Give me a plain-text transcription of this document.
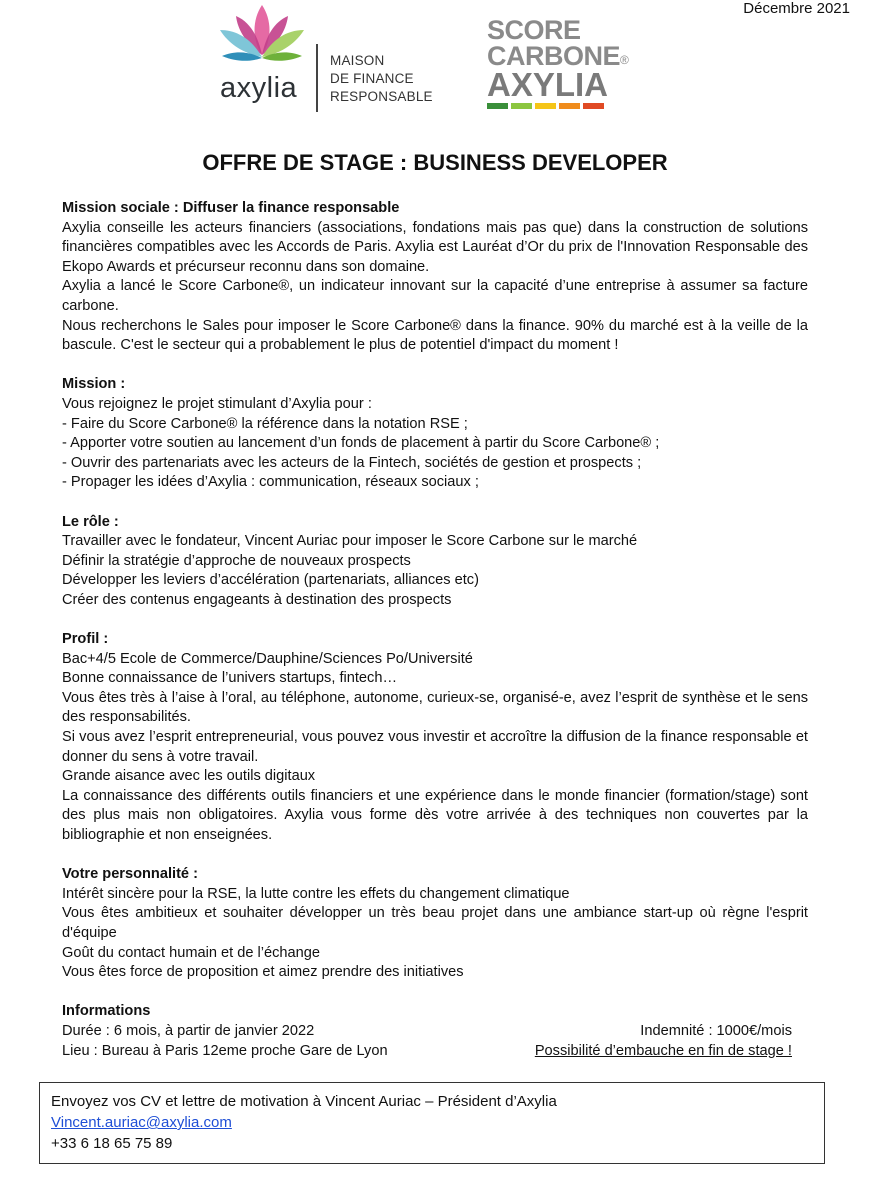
Décembre 2021
axylia
MAISON
DE FINANCE
RESPONSABLE
SCORE
CARBONE®
AXYLIA
OFFRE DE STAGE : BUSINESS DEVELOPER
Mission sociale : Diffuser la finance responsable

Axylia conseille les acteurs financiers (associations, fondations mais pas que) dans la construction de solutions financières compatibles avec les Accords de Paris. Axylia est Lauréat d’Or du prix de l'Innovation Responsable des Ekopo Awards et précurseur reconnu dans son domaine.

Axylia a lancé le Score Carbone®, un indicateur innovant sur la capacité d’une entreprise à assumer sa facture carbone.

Nous recherchons le Sales pour imposer le Score Carbone® dans la finance. 90% du marché est à la veille de la bascule. C'est le secteur qui a probablement le plus de potentiel d'impact du moment !

Mission :

Vous rejoignez le projet stimulant d’Axylia pour :

- Faire du Score Carbone® la référence dans la notation RSE ;

- Apporter votre soutien au lancement d’un fonds de placement à partir du Score Carbone® ;

- Ouvrir des partenariats avec les acteurs de la Fintech, sociétés de gestion et prospects ;

- Propager les idées d’Axylia : communication, réseaux sociaux ;

Le rôle :

Travailler avec le fondateur, Vincent Auriac pour imposer le Score Carbone sur le marché

Définir la stratégie d’approche de nouveaux prospects

Développer les leviers d’accélération (partenariats, alliances etc)

Créer des contenus engageants à destination des prospects

Profil :

Bac+4/5 Ecole de Commerce/Dauphine/Sciences Po/Université

Bonne connaissance de l’univers startups, fintech…

Vous êtes très à l’aise à l’oral, au téléphone, autonome, curieux-se, organisé-e, avez l’esprit de synthèse et le sens des responsabilités.

Si vous avez l’esprit entrepreneurial, vous pouvez vous investir et accroître la diffusion de la finance responsable et donner du sens à votre travail.

Grande aisance avec les outils digitaux

La connaissance des différents outils financiers et une expérience dans le monde financier (formation/stage) sont des plus mais non obligatoires. Axylia vous forme dès votre arrivée à des techniques non couvertes par la bibliographie et non enseignées.

Votre personnalité :

Intérêt sincère pour la RSE, la lutte contre les effets du changement climatique

Vous êtes ambitieux et souhaiter développer un très beau projet dans une ambiance start-up où règne l'esprit d'équipe

Goût du contact humain et de l’échange

Vous êtes force de proposition et aimez prendre des initiatives

Informations
Durée : 6 mois, à partir de janvier 2022	Indemnité : 1000€/mois
Lieu : Bureau à Paris 12eme proche Gare de Lyon	Possibilité d’embauche en fin de stage !
Envoyez vos CV et lettre de motivation à Vincent Auriac – Président d’Axylia
Vincent.auriac@axylia.com
+33 6 18 65 75 89
